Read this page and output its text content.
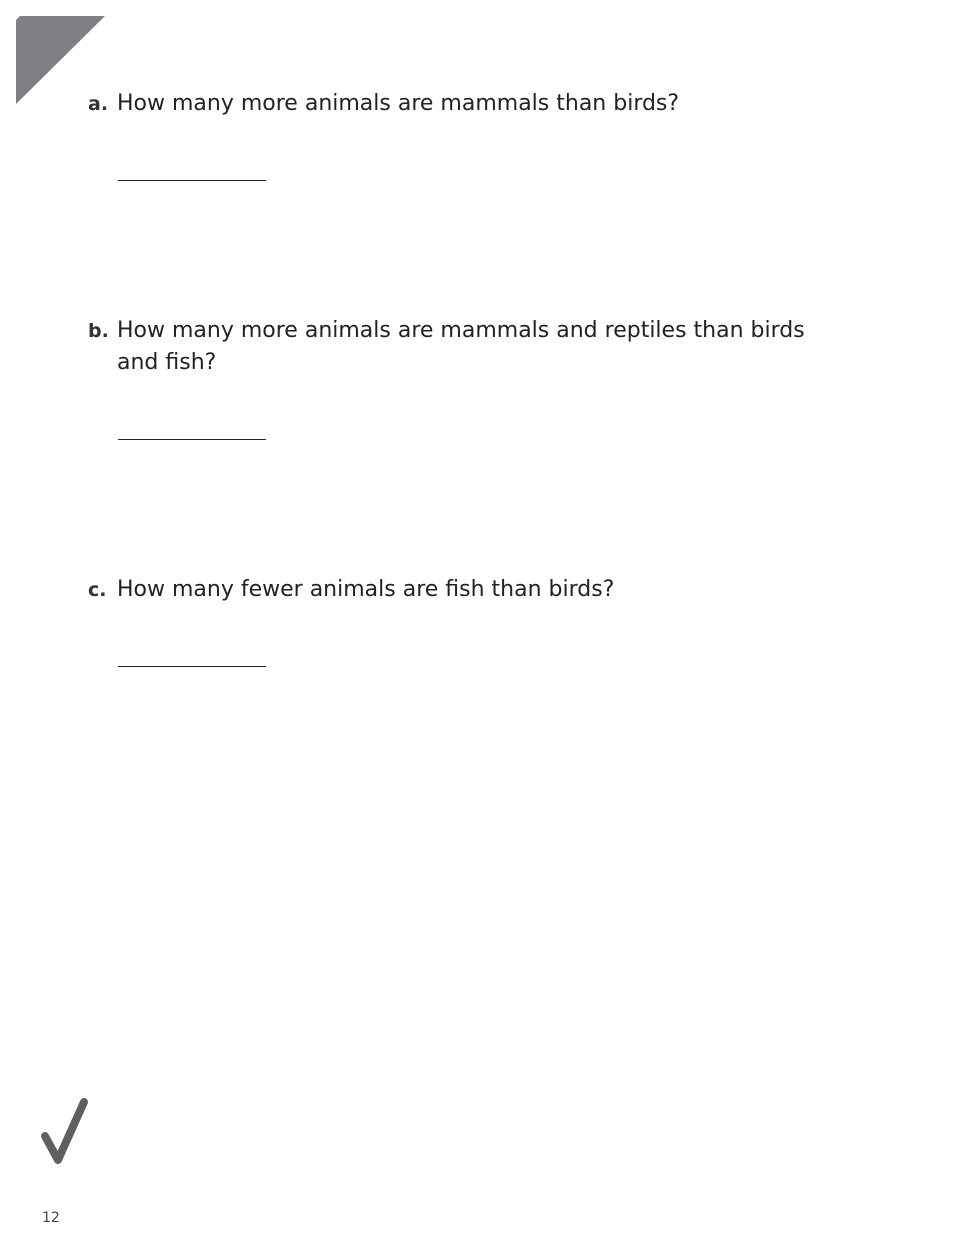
a. How many more animals are mammals than birds?
b. How many more animals are mammals and reptiles than birds and fish?
c. How many fewer animals are fish than birds?
12
